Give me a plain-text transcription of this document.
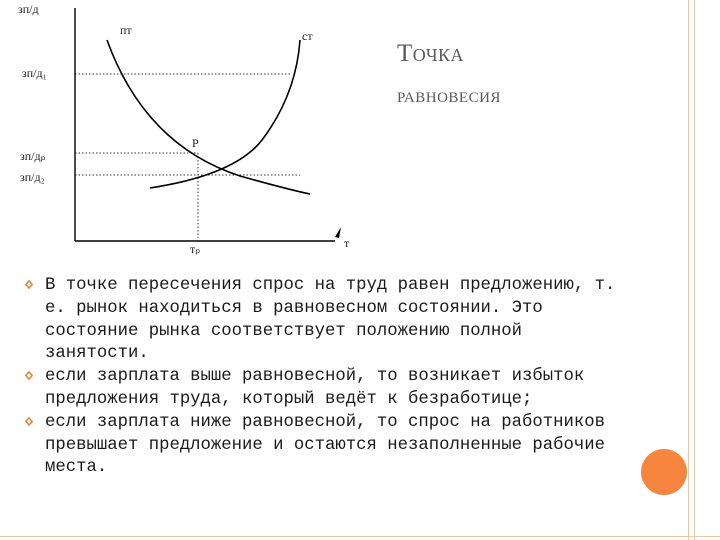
Точка
равновесия
зп/д
зп/д₁
зп/дₚ
зп/д₂
пт	ст
Р
тₚ	т
В точке пересечения спрос на труд равен предложению, т. е. рынок находиться в равновесном состоянии. Это состояние рынка соответствует положению полной занятости.
если зарплата выше равновесной, то возникает избыток предложения труда, который ведёт к безработице;
если зарплата ниже равновесной, то спрос на работников превышает предложение и остаются незаполненные рабочие места.
